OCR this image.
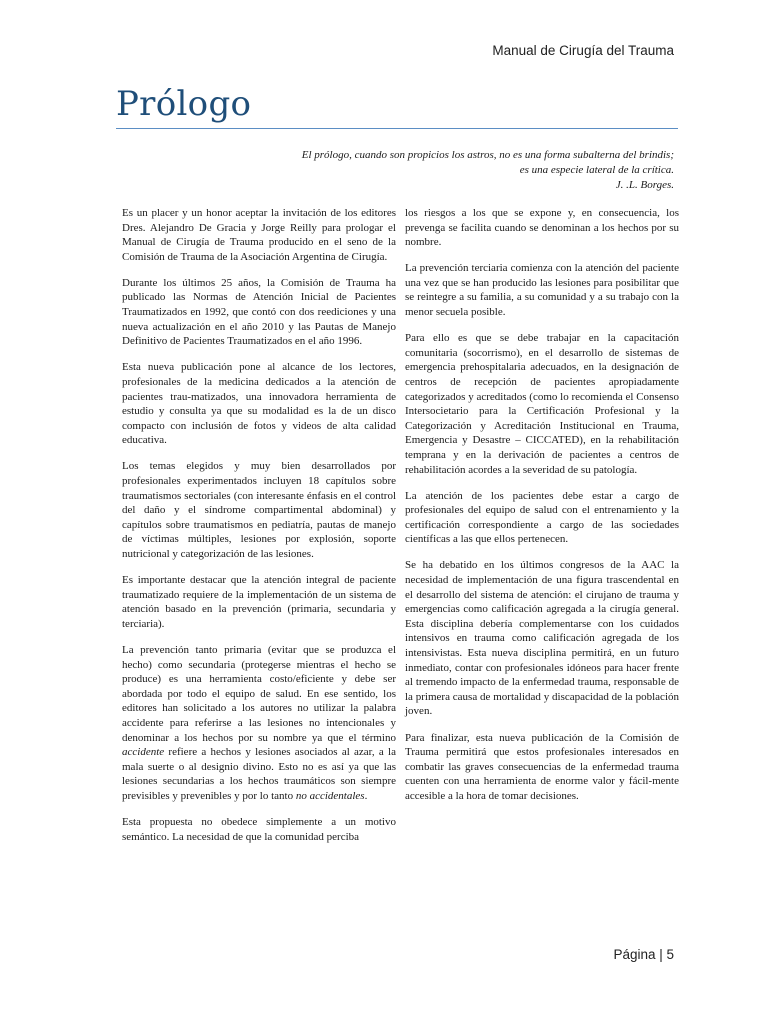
Manual de Cirugía del Trauma
Prólogo
El prólogo, cuando son propicios los astros, no es una forma subalterna del brindis;
es una especie lateral de la crítica.
J. .L. Borges.

Es un placer y un honor aceptar la invitación de los editores Dres. Alejandro De Gracia y Jorge Reilly para prologar el Manual de Cirugía de Trauma producido en el seno de la Comisión de Trauma de la Asociación Argentina de Cirugía.

Durante los últimos 25 años, la Comisión de Trauma ha publicado las Normas de Atención Inicial de Pacientes Traumatizados en 1992, que contó con dos reediciones y una nueva actualización en el año 2010 y las Pautas de Manejo Definitivo de Pacientes Traumatizados en el año 1996.

Esta nueva publicación pone al alcance de los lectores, profesionales de la medicina dedicados a la atención de pacientes trau-matizados, una innovadora herramienta de estudio y consulta ya que su modalidad es la de un disco compacto con inclusión de fotos y videos de alta calidad educativa.

Los temas elegidos y muy bien desarrollados por profesionales experimentados incluyen 18 capítulos sobre traumatismos sectoriales (con interesante énfasis en el control del daño y el síndrome compartimental abdominal) y capítulos sobre traumatismos en pediatría, pautas de manejo de víctimas múltiples, lesiones por explosión, soporte nutricional y categorización de las lesiones.

Es importante destacar que la atención integral de paciente traumatizado requiere de la implementación de un sistema de atención basado en la prevención (primaria, secundaria y terciaria).

La prevención tanto primaria (evitar que se produzca el hecho) como secundaria (protegerse mientras el hecho se produce) es una herramienta costo/eficiente y debe ser abordada por todo el equipo de salud. En ese sentido, los editores han solicitado a los autores no utilizar la palabra accidente para referirse a las lesiones no intencionales y denominar a los hechos por su nombre ya que el término accidente refiere a hechos y lesiones asociados al azar, a la mala suerte o al designio divino. Esto no es así ya que las lesiones secundarias a los hechos traumáticos son siempre previsibles y prevenibles y por lo tanto no accidentales.

Esta propuesta no obedece simplemente a un motivo semántico. La necesidad de que la comunidad perciba

los riesgos a los que se expone y, en consecuencia, los prevenga se facilita cuando se denominan a los hechos por su nombre.

La prevención terciaria comienza con la atención del paciente una vez que se han producido las lesiones para posibilitar que se reintegre a su familia, a su comunidad y a su trabajo con la menor secuela posible.

Para ello es que se debe trabajar en la capacitación comunitaria (socorrismo), en el desarrollo de sistemas de emergencia prehospitalaria adecuados, en la designación de centros de recepción de pacientes apropiadamente categorizados y acreditados (como lo recomienda el Consenso Intersocietario para la Certificación Profesional y la Categorización y Acreditación Institucional en Trauma, Emergencia y Desastre – CICCATED), en la rehabilitación temprana y en la derivación de pacientes a centros de rehabilitación acordes a la severidad de su patología.

La atención de los pacientes debe estar a cargo de profesionales del equipo de salud con el entrenamiento y la certificación correspondiente a cargo de las sociedades científicas a las que ellos pertenecen.

Se ha debatido en los últimos congresos de la AAC la necesidad de implementación de una figura trascendental en el desarrollo del sistema de atención: el cirujano de trauma y emergencias como calificación agregada a la cirugía general. Esta disciplina debería complementarse con los cuidados intensivos en trauma como calificación agregada de los intensivistas. Esta nueva disciplina permitirá, en un futuro inmediato, contar con profesionales idóneos para hacer frente al tremendo impacto de la enfermedad trauma, responsable de la primera causa de mortalidad y discapacidad de la población joven.

Para finalizar, esta nueva publicación de la Comisión de Trauma permitirá que estos profesionales interesados en combatir las graves consecuencias de la enfermedad trauma cuenten con una herramienta de enorme valor y fácil-mente accesible a la hora de tomar decisiones.

Página | 5
